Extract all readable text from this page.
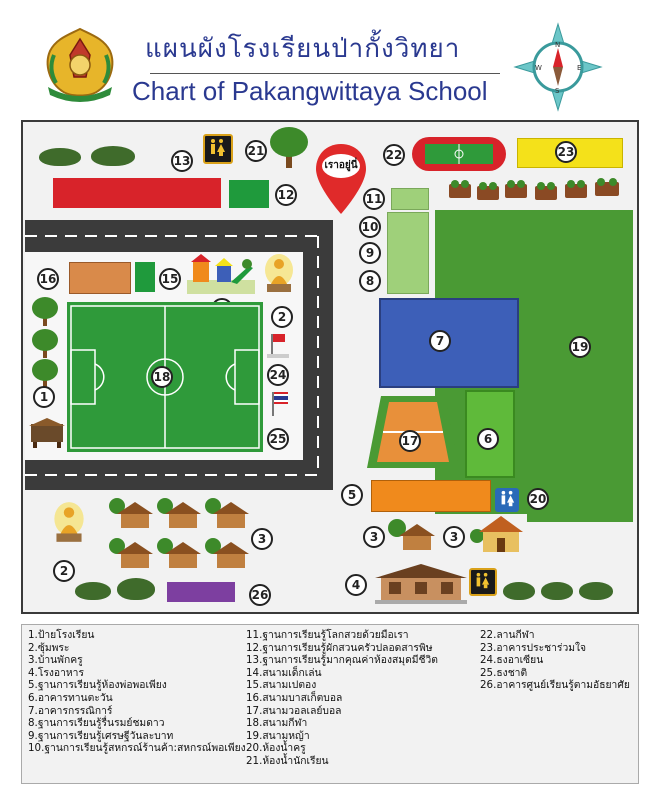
แผนผังโรงเรียนป่ากั้งวิทยา
Chart of Pakangwittaya School
N
S
E
W
13
21
12
เราอยู่นี่
22	23
11
10
9
8
19
16	15
18
1
2
24
25
7
17	6
5	20
2
3	3	3
4
26
1.ป้ายโรงเรียน
2.ซุ้มพระ
3.บ้านพักครู
4.โรงอาหาร
5.ฐานการเรียนรู้ห้องพ่อพอเพียง
6.อาคารทานตะวัน
7.อาคารกรรณิการ์
8.ฐานการเรียนรู้รื่นรมย์ชมดาว
9.ฐานการเรียนรู้เศรษฐีวันละบาท
10.ฐานการเรียนรู้สหกรณ์ร้านค้า:สหกรณ์พอเพียง
11.ฐานการเรียนรู้โลกสวยด้วยมือเรา
12.ฐานการเรียนรู้ผักสวนครัวปลอดสารพิษ
13.ฐานการเรียนรู้มากคุณค่าห้องสมุดมีชีวิต
14.สนามเด็กเล่น
15.สนามเปตอง
16.สนามบาสเก็ตบอล
17.สนามวอลเลย์บอล
18.สนามกีฬา
19.สนามหญ้า
20.ห้องน้ำครู
21.ห้องน้ำนักเรียน
22.ลานกีฬา
23.อาคารประชาร่วมใจ
24.ธงอาเซียน
25.ธงชาติ
26.อาคารศูนย์เรียนรู้ตามอัธยาศัย
